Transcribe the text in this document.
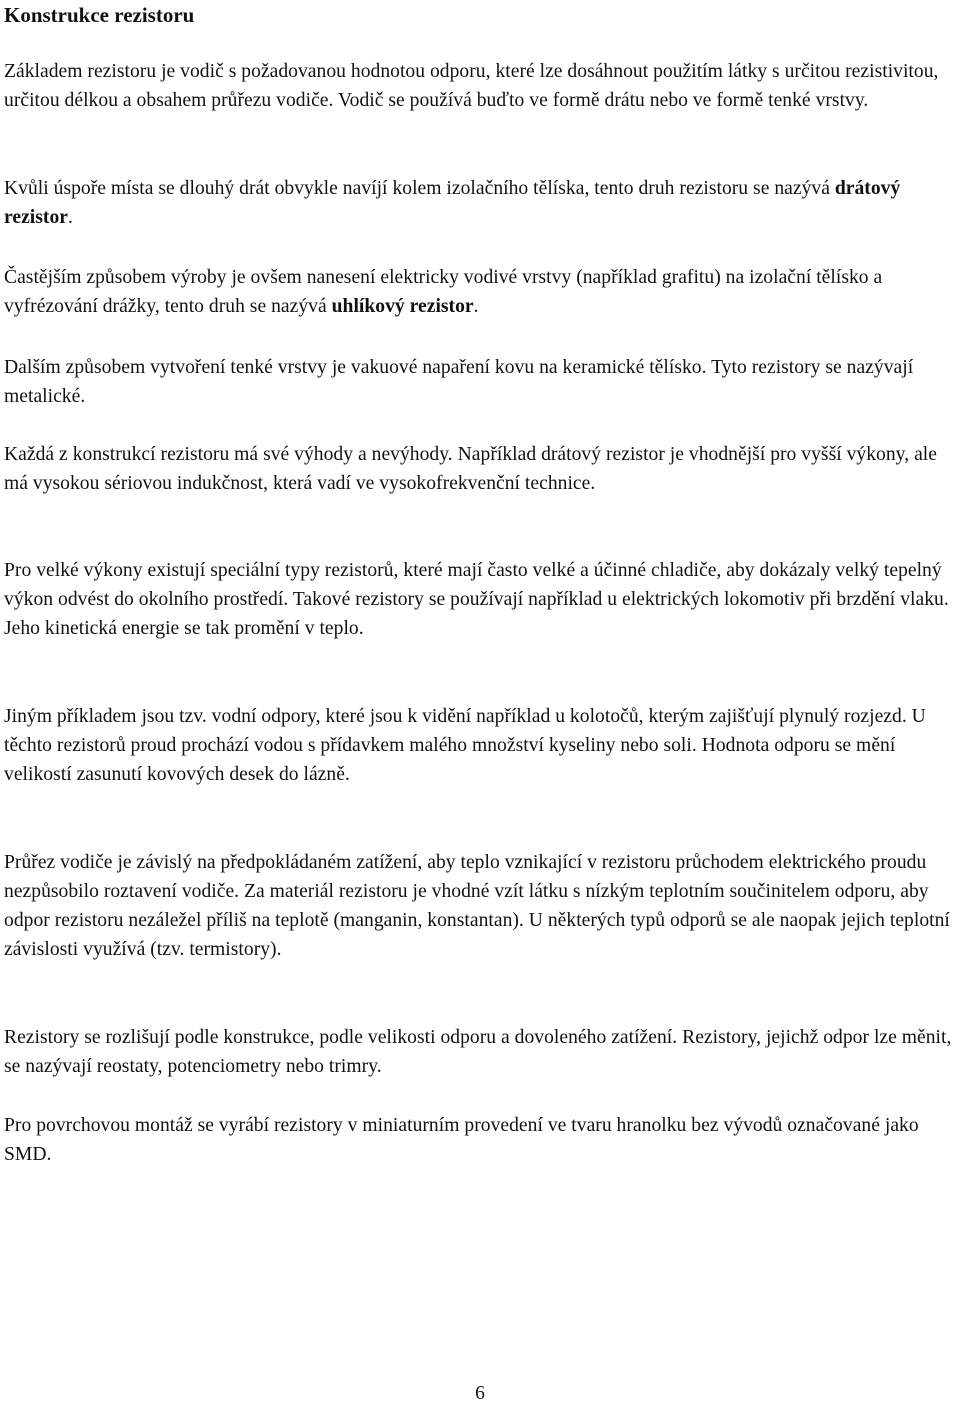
Konstrukce rezistoru

Základem rezistoru je vodič s požadovanou hodnotou odporu, které lze dosáhnout použitím látky s určitou rezistivitou, určitou délkou a obsahem průřezu vodiče. Vodič se používá buďto ve formě drátu nebo ve formě tenké vrstvy.

Kvůli úspoře místa se dlouhý drát obvykle navíjí kolem izolačního tělíska, tento druh rezistoru se nazývá drátový rezistor.

Častějším způsobem výroby je ovšem nanesení elektricky vodivé vrstvy (například grafitu) na izolační tělísko a vyfrézování drážky, tento druh se nazývá uhlíkový rezistor.

Dalším způsobem vytvoření tenké vrstvy je vakuové napaření kovu na keramické tělísko. Tyto rezistory se nazývají metalické.

Každá z konstrukcí rezistoru má své výhody a nevýhody. Například drátový rezistor je vhodnější pro vyšší výkony, ale má vysokou sériovou indukčnost, která vadí ve vysokofrekvenční technice.

Pro velké výkony existují speciální typy rezistorů, které mají často velké a účinné chladiče, aby dokázaly velký tepelný výkon odvést do okolního prostředí. Takové rezistory se používají například u elektrických lokomotiv při brzdění vlaku. Jeho kinetická energie se tak promění v teplo.

Jiným příkladem jsou tzv. vodní odpory, které jsou k vidění například u kolotočů, kterým zajišťují plynulý rozjezd. U těchto rezistorů proud prochází vodou s přídavkem malého množství kyseliny nebo soli. Hodnota odporu se mění velikostí zasunutí kovových desek do lázně.

Průřez vodiče je závislý na předpokládaném zatížení, aby teplo vznikající v rezistoru průchodem elektrického proudu nezpůsobilo roztavení vodiče. Za materiál rezistoru je vhodné vzít látku s nízkým teplotním součinitelem odporu, aby odpor rezistoru nezáležel příliš na teplotě (manganin, konstantan). U některých typů odporů se ale naopak jejich teplotní závislosti využívá (tzv. termistory).

Rezistory se rozlišují podle konstrukce, podle velikosti odporu a dovoleného zatížení. Rezistory, jejichž odpor lze měnit, se nazývají reostaty, potenciometry nebo trimry.

Pro povrchovou montáž se vyrábí rezistory v miniaturním provedení ve tvaru hranolku bez vývodů označované jako SMD.

6
